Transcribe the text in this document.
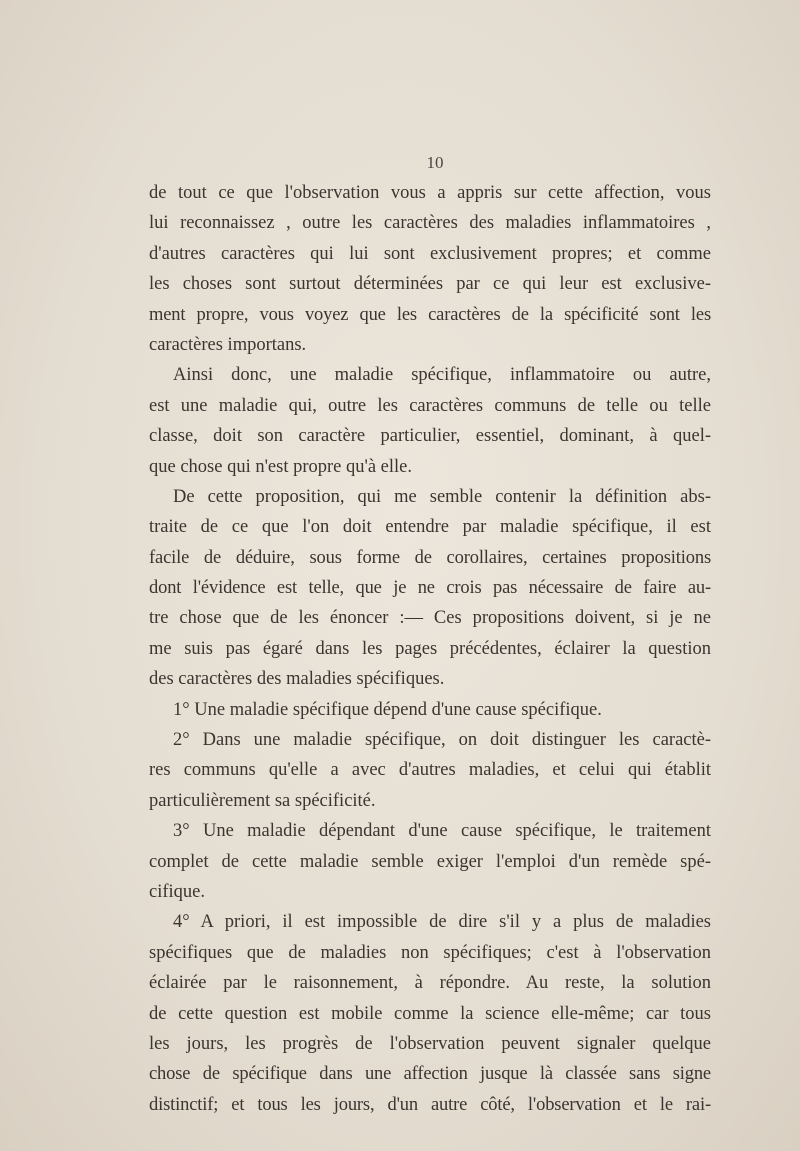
10
de tout ce que l'observation vous a appris sur cette affection, vous
lui reconnaissez , outre les caractères des maladies inflammatoires ,
d'autres caractères qui lui sont exclusivement propres; et comme
les choses sont surtout déterminées par ce qui leur est exclusive-
ment propre, vous voyez que les caractères de la spécificité sont les
caractères importans.
Ainsi donc, une maladie spécifique, inflammatoire ou autre,
est une maladie qui, outre les caractères communs de telle ou telle
classe, doit son caractère particulier, essentiel, dominant, à quel-
que chose qui n'est propre qu'à elle.
De cette proposition, qui me semble contenir la définition abs-
traite de ce que l'on doit entendre par maladie spécifique, il est
facile de déduire, sous forme de corollaires, certaines propositions
dont l'évidence est telle, que je ne crois pas nécessaire de faire au-
tre chose que de les énoncer :— Ces propositions doivent, si je ne
me suis pas égaré dans les pages précédentes, éclairer la question
des caractères des maladies spécifiques.
1° Une maladie spécifique dépend d'une cause spécifique.
2° Dans une maladie spécifique, on doit distinguer les caractè-
res communs qu'elle a avec d'autres maladies, et celui qui établit
particulièrement sa spécificité.
3° Une maladie dépendant d'une cause spécifique, le traitement
complet de cette maladie semble exiger l'emploi d'un remède spé-
cifique.
4° A priori, il est impossible de dire s'il y a plus de maladies
spécifiques que de maladies non spécifiques; c'est à l'observation
éclairée par le raisonnement, à répondre. Au reste, la solution
de cette question est mobile comme la science elle-même; car tous
les jours, les progrès de l'observation peuvent signaler quelque
chose de spécifique dans une affection jusque là classée sans signe
distinctif; et tous les jours, d'un autre côté, l'observation et le rai-
